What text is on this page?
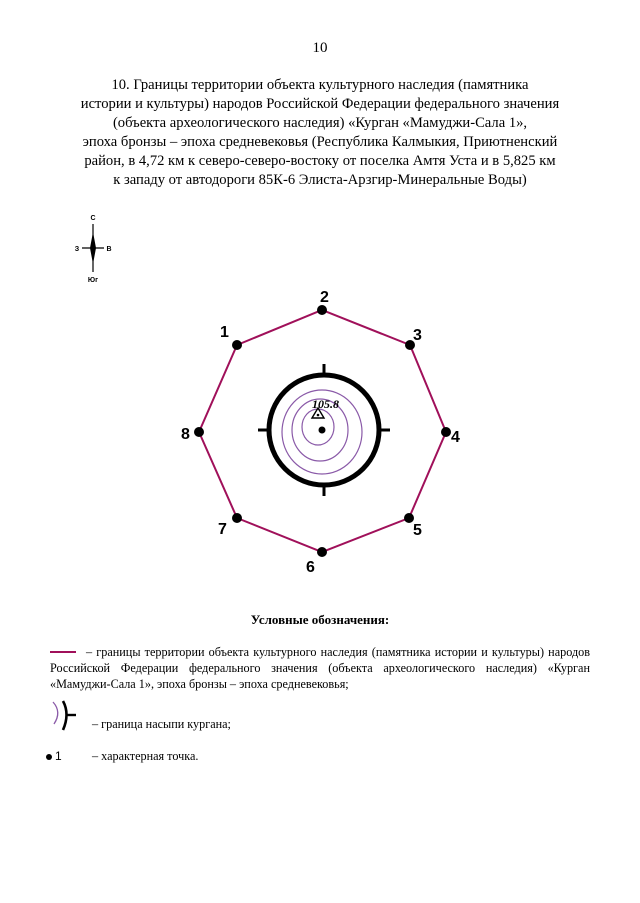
10
10. Границы территории объекта культурного наследия (памятника
истории и культуры) народов Российской Федерации федерального значения
(объекта археологического наследия) «Курган «Мамуджи-Сала 1»,
эпоха бронзы – эпоха средневековья (Республика Калмыкия, Приютненский
район, в 4,72 км к северо-северо-востоку от поселка Амтя Уста и в 5,825 км
к западу от автодороги 85К-6 Элиста-Арзгир-Минеральные Воды)
С
З	В
Юг
105.8
1
2
3
4
5
6
7
8
Условные обозначения:
– границы территории объекта культурного наследия (памятника истории и культуры) народов Российской Федерации федерального значения (объекта археологического наследия) «Курган «Мамуджи-Сала 1», эпоха бронзы – эпоха средневековья;
– граница насыпи кургана;
1 – характерная точка.
